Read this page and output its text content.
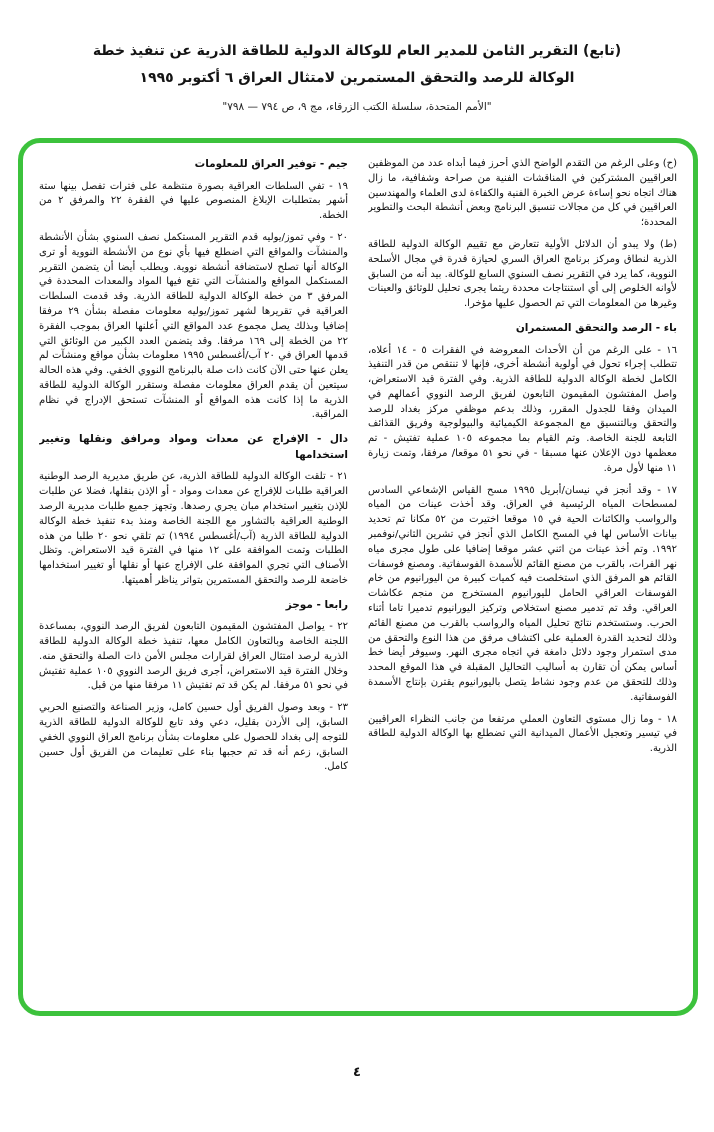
(تابع) التقرير الثامن للمدير العام للوكالة الدولية للطاقة الذرية عن تنفيذ خطة
الوكالة للرصد والتحقق المستمرين لامتثال العراق ٦ أكتوبر ١٩٩٥
"الأمم المتحدة، سلسلة الكتب الزرقاء، مج ٩، ص ٧٩٤ — ٧٩٨"
(ح) وعلى الرغم من التقدم الواضح الذي أحرز فيما أبداه عدد من الموظفين العراقيين المشتركين في المناقشات الفنية من صراحة وشفافية، ما زال هناك اتجاه نحو إساءة عرض الخبرة الفنية والكفاءة لدى العلماء والمهندسين العراقيين في كل من مجالات تنسيق البرنامج وبعض أنشطة البحث والتطوير المحددة؛
(ط) ولا يبدو أن الدلائل الأولية تتعارض مع تقييم الوكالة الدولية للطاقة الذرية لنطاق ومركز برنامج العراق السري لحيازة قدرة في مجال الأسلحة النووية، كما يرد في التقرير نصف السنوي السابع للوكالة. بيد أنه من السابق لأوانه الخلوص إلى أي استنتاجات محددة ريثما يجرى تحليل للوثائق والعينات وغيرها من المعلومات التي تم الحصول عليها مؤخرا.
باء - الرصد والتحقق المستمران
١٦ - على الرغم من أن الأحداث المعروضة في الفقرات ٥ - ١٤ أعلاه، تتطلب إجراء تحول في أولوية أنشطة أخرى، فإنها لا تنتقص من قدر التنفيذ الكامل لخطة الوكالة الدولية للطاقة الذرية. وفي الفترة قيد الاستعراض، واصل المفتشون المقيمون التابعون لفريق الرصد النووي أعمالهم في الميدان وفقا للجدول المقرر، وذلك بدعم موظفي مركز بغداد للرصد والتحقق وبالتنسيق مع المجموعة الكيميائية والبيولوجية وفريق القذائف التابعة للجنة الخاصة. وتم القيام بما مجموعه ١٠٥ عملية تفتيش - تم معظمها دون الإعلان عنها مسبقا - في نحو ٥١ موقعا/ مرفقا، وتمت زيارة ١١ منها لأول مرة.
١٧ - وقد أنجز في نيسان/أبريل ١٩٩٥ مسح القياس الإشعاعي السادس لمسطحات المياه الرئيسية في العراق. وقد أخذت عينات من المياه والرواسب والكائنات الحية في ١٥ موقعا اختيرت من ٥٢ مكانا تم تحديد بيانات الأساس لها في المسح الكامل الذي أنجز في تشرين الثاني/نوفمبر ١٩٩٢. وتم أخذ عينات من اثني عشر موقعا إضافيا على طول مجرى مياه نهر الفرات، بالقرب من مصنع القائم للأسمدة الفوسفاتية. ومصنع فوسفات القائم هو المرفق الذي استخلصت فيه كميات كبيرة من اليورانيوم من خام الفوسفات العراقي الحامل لليورانيوم المستخرج من منجم عكاشات العراقي. وقد تم تدمير مصنع استخلاص وتركيز اليورانيوم تدميرا تاما أثناء الحرب. وستستخدم نتائج تحليل المياه والرواسب بالقرب من مصنع القائم وذلك لتحديد القدرة العملية على اكتشاف مرفق من هذا النوع والتحقق من مدى استمرار وجود دلائل دامغة في اتجاه مجرى النهر. وسيوفر أيضا خط أساس يمكن أن تقارن به أساليب التحاليل المقبلة في هذا الموقع المحدد وذلك للتحقق من عدم وجود نشاط يتصل باليورانيوم يقترن بإنتاج الأسمدة الفوسفاتية.
١٨ - وما زال مستوى التعاون العملي مرتفعا من جانب النظراء العراقيين في تيسير وتعجيل الأعمال الميدانية التي تضطلع بها الوكالة الدولية للطاقة الذرية.
جيم - توفير العراق للمعلومات
١٩ - تفي السلطات العراقية بصورة منتظمة على فترات تفصل بينها ستة أشهر بمتطلبات الإبلاغ المنصوص عليها في الفقرة ٢٢ والمرفق ٢ من الخطة.
٢٠ - وفي تموز/يوليه قدم التقرير المستكمل نصف السنوي بشأن الأنشطة والمنشآت والمواقع التي اضطلع فيها بأي نوع من الأنشطة النووية أو ترى الوكالة أنها تصلح لاستضافة أنشطة نووية. ويطلب أيضا أن يتضمن التقرير المستكمل المواقع والمنشآت التي تقع فيها المواد والمعدات المحددة في المرفق ٣ من خطة الوكالة الدولية للطاقة الذرية. وقد قدمت السلطات العراقية في تقريرها لشهر تموز/يوليه معلومات مفصلة بشأن ٢٩ مرفقا إضافيا وبذلك يصل مجموع عدد المواقع التي أعلنها العراق بموجب الفقرة ٢٢ من الخطة إلى ١٦٩ مرفقا. وقد يتضمن العدد الكبير من الوثائق التي قدمها العراق في ٢٠ آب/أغسطس ١٩٩٥ معلومات بشأن مواقع ومنشآت لم يعلن عنها حتى الآن كانت ذات صلة بالبرنامج النووي الخفي. وفي هذه الحالة سيتعين أن يقدم العراق معلومات مفصلة وستقرر الوكالة الدولية للطاقة الذرية ما إذا كانت هذه المواقع أو المنشآت تستحق الإدراج في نظام المراقبة.
دال - الإفراج عن معدات ومواد ومرافق ونقلها وتغيير استخدامها
٢١ - تلقت الوكالة الدولية للطاقة الذرية، عن طريق مديرية الرصد الوطنية العراقية طلبات للإفراج عن معدات ومواد - أو الإذن بنقلها، فضلا عن طلبات للإذن بتغيير استخدام مبان يجري رصدها. وتجهز جميع طلبات مديرية الرصد الوطنية العراقية بالتشاور مع اللجنة الخاصة ومنذ بدء تنفيذ خطة الوكالة الدولية للطاقة الذرية (آب/أغسطس ١٩٩٤) تم تلقي نحو ٢٠ طلبا من هذه الطلبات وتمت الموافقة على ١٢ منها في الفترة قيد الاستعراض. وتظل الأصناف التي تجري الموافقة على الإفراج عنها أو نقلها أو تغيير استخدامها خاضعة للرصد والتحقق المستمرين بتواتر يناظر أهميتها.
رابعا - موجز
٢٢ - يواصل المفتشون المقيمون التابعون لفريق الرصد النووي، بمساعدة اللجنة الخاصة وبالتعاون الكامل معها، تنفيذ خطة الوكالة الدولية للطاقة الذرية لرصد امتثال العراق لقرارات مجلس الأمن ذات الصلة والتحقق منه. وخلال الفترة قيد الاستعراض، أجرى فريق الرصد النووي ١٠٥ عملية تفتيش في نحو ٥١ مرفقا. لم يكن قد تم تفتيش ١١ مرفقا منها من قبل.
٢٣ - وبعد وصول الفريق أول حسين كامل، وزير الصناعة والتصنيع الحربي السابق، إلى الأردن بقليل، دعي وفد تابع للوكالة الدولية للطاقة الذرية للتوجه إلى بغداد للحصول على معلومات بشأن برنامج العراق النووي الخفي السابق، زعم أنه قد تم حجبها بناء على تعليمات من الفريق أول حسين كامل.
٤
